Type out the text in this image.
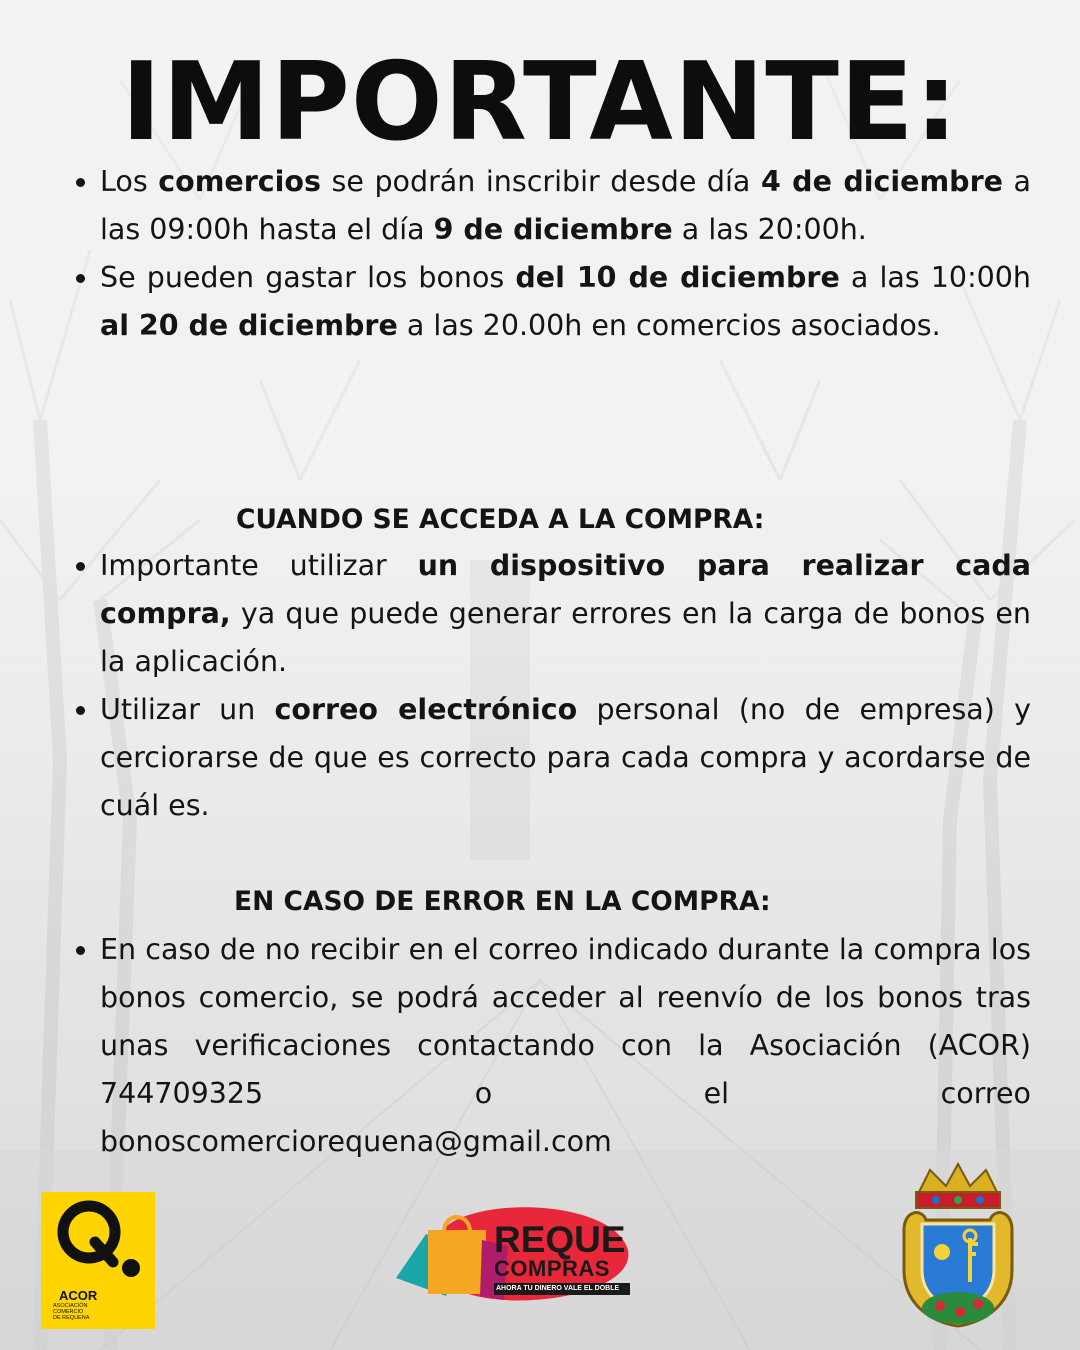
IMPORTANTE:
Los comercios se podrán inscribir desde día 4 de diciembre a las 09:00h hasta el día 9 de diciembre a las 20:00h.
Se pueden gastar los bonos del 10 de diciembre a las 10:00h al 20 de diciembre a las 20.00h en comercios asociados.
CUANDO SE ACCEDA A LA COMPRA:
Importante utilizar un dispositivo para realizar cada compra, ya que puede generar errores en la carga de bonos en la aplicación.
Utilizar un correo electrónico personal (no de empresa) y cerciorarse de que es correcto para cada compra y acordarse de cuál es.
EN CASO DE ERROR EN LA COMPRA:
En caso de no recibir en el correo indicado durante la compra los bonos comercio, se podrá acceder al reenvío de los bonos tras unas verificaciones contactando con la Asociación (ACOR) 744709325 o el correo
bonoscomerciorequena@gmail.com
ACOR
ASOCIACIÓN
COMERCIO
DE REQUENA
REQUE
COMPRAS
AHORA TU DINERO VALE EL DOBLE
